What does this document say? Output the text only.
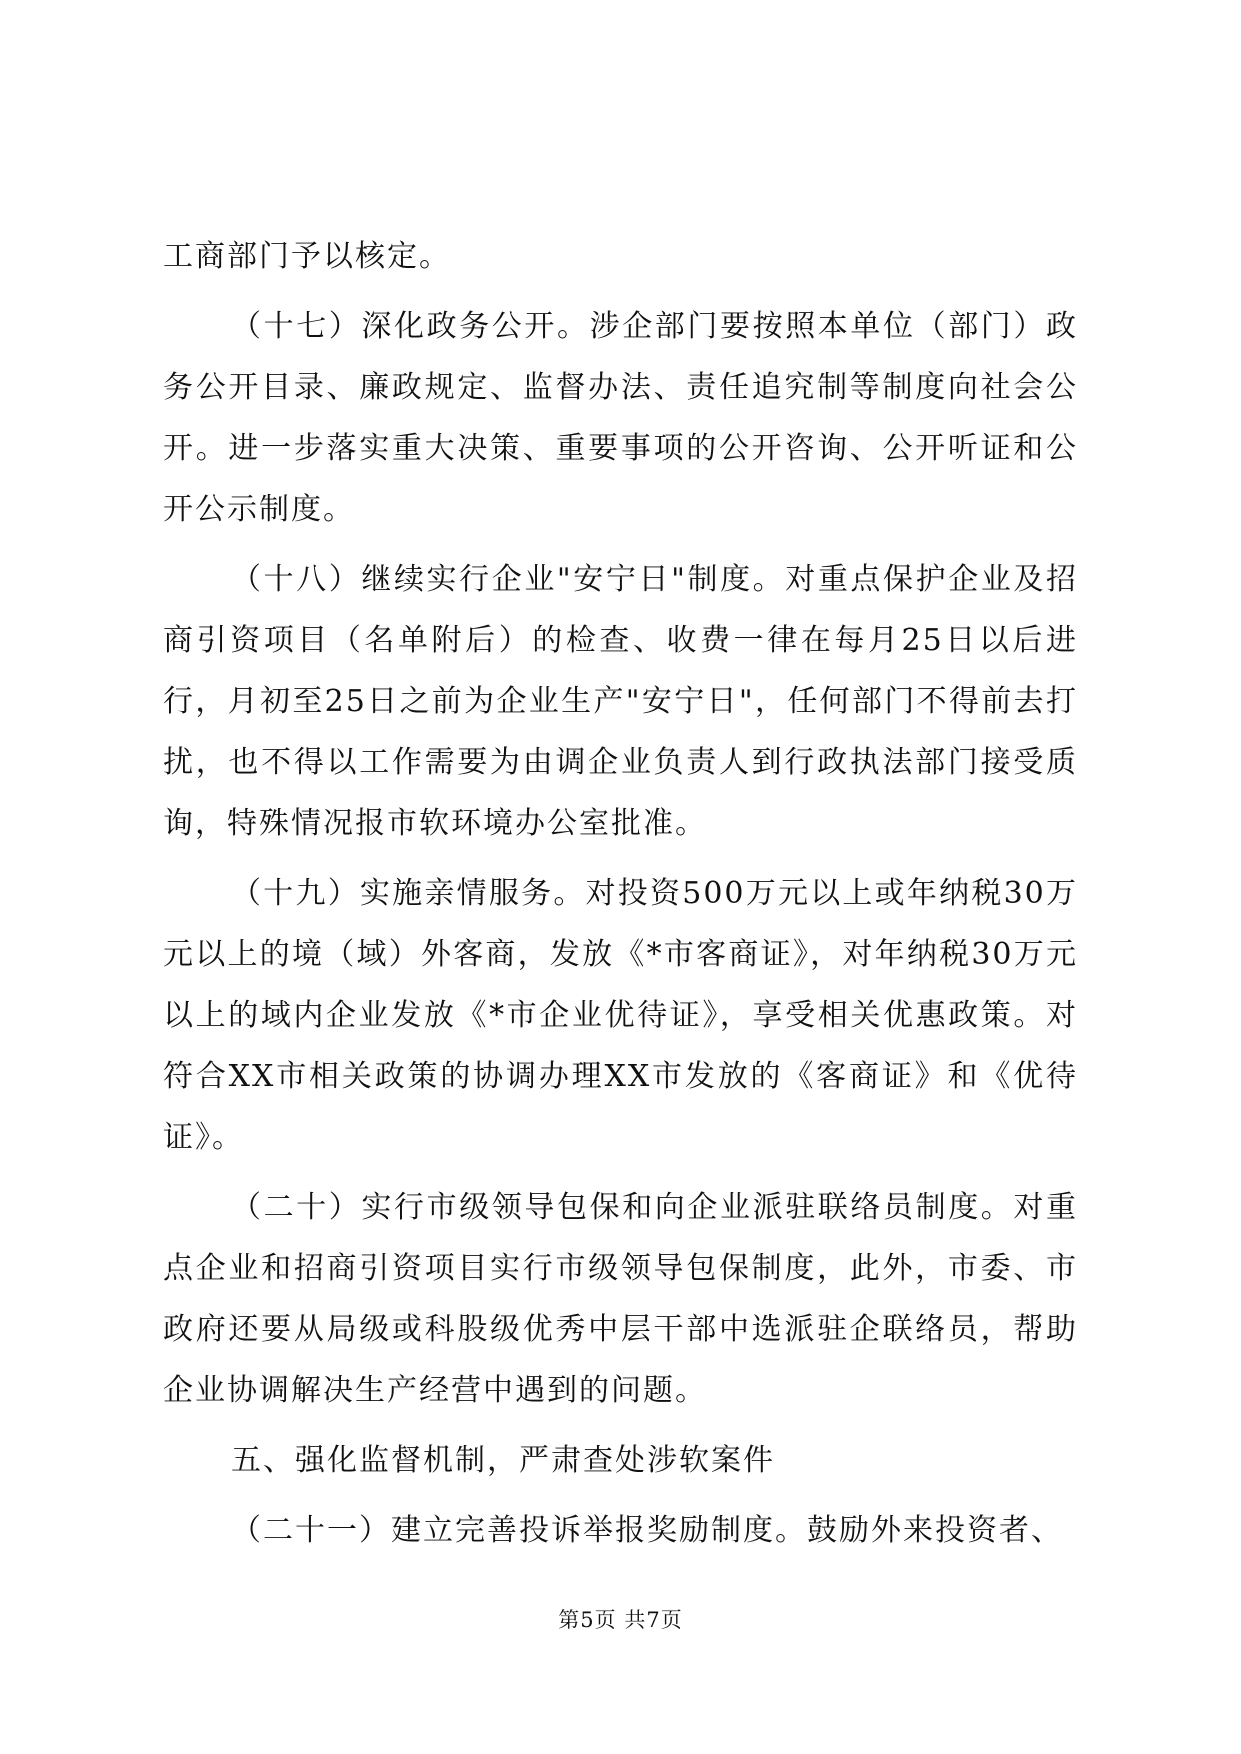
工商部门予以核定。

（十七）深化政务公开。涉企部门要按照本单位（部门）政务公开目录、廉政规定、监督办法、责任追究制等制度向社会公开。进一步落实重大决策、重要事项的公开咨询、公开听证和公开公示制度。

（十八）继续实行企业"安宁日"制度。对重点保护企业及招商引资项目（名单附后）的检查、收费一律在每月25日以后进行，月初至25日之前为企业生产"安宁日"，任何部门不得前去打扰，也不得以工作需要为由调企业负责人到行政执法部门接受质询，特殊情况报市软环境办公室批准。

（十九）实施亲情服务。对投资500万元以上或年纳税30万元以上的境（域）外客商，发放《*市客商证》，对年纳税30万元以上的域内企业发放《*市企业优待证》，享受相关优惠政策。对符合XX市相关政策的协调办理XX市发放的《客商证》和《优待证》。

（二十）实行市级领导包保和向企业派驻联络员制度。对重点企业和招商引资项目实行市级领导包保制度，此外，市委、市政府还要从局级或科股级优秀中层干部中选派驻企联络员，帮助企业协调解决生产经营中遇到的问题。

五、强化监督机制，严肃查处涉软案件

（二十一）建立完善投诉举报奖励制度。鼓励外来投资者、

第5页 共7页
